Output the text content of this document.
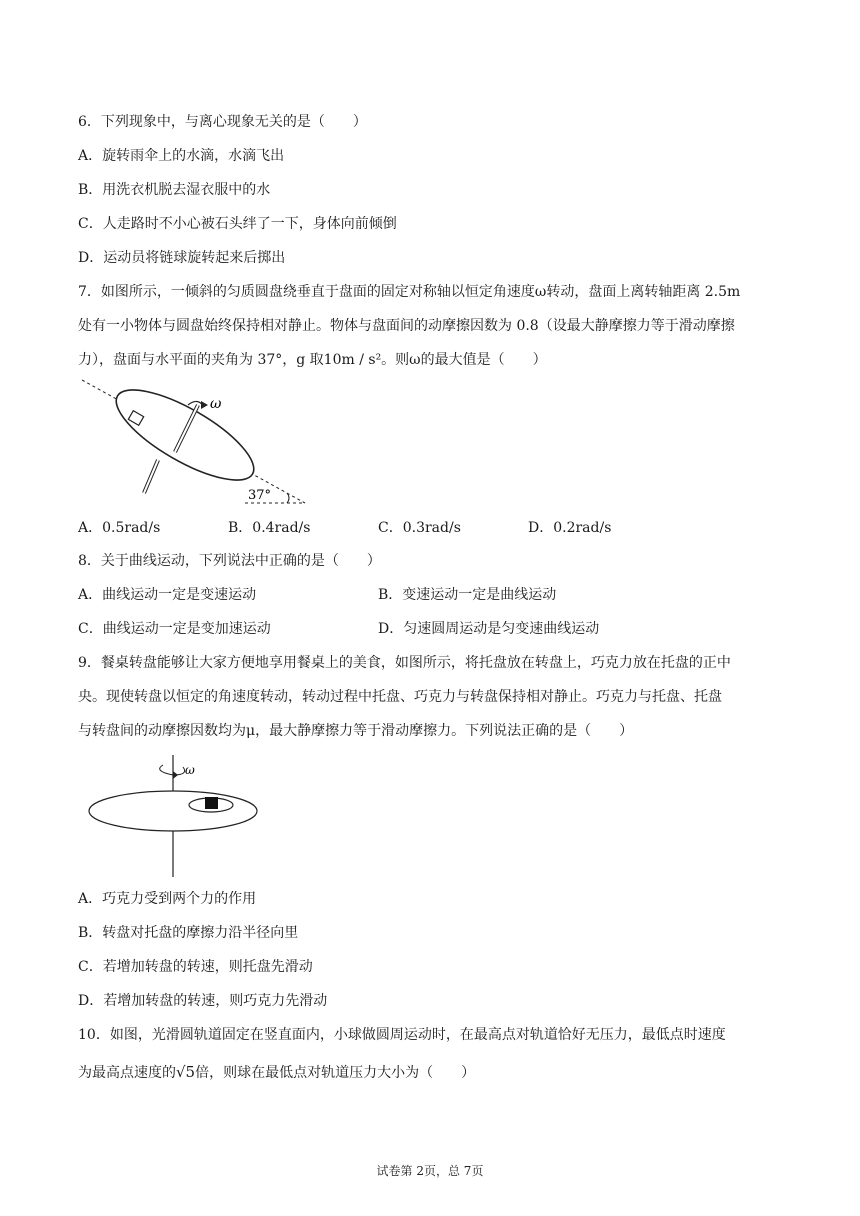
6．下列现象中，与离心现象无关的是（　　）
A．旋转雨伞上的水滴，水滴飞出
B．用洗衣机脱去湿衣服中的水
C．人走路时不小心被石头绊了一下，身体向前倾倒
D．运动员将链球旋转起来后掷出
7．如图所示，一倾斜的匀质圆盘绕垂直于盘面的固定对称轴以恒定角速度ω转动，盘面上离转轴距离 2.5m
处有一小物体与圆盘始终保持相对静止。物体与盘面间的动摩擦因数为 0.8（设最大静摩擦力等于滑动摩擦
力），盘面与水平面的夹角为 37°，g 取10m / s²。则ω的最大值是（　　）
ω
37°
A．0.5rad/s	B．0.4rad/s	C．0.3rad/s	D．0.2rad/s
8．关于曲线运动，下列说法中正确的是（　　）
A．曲线运动一定是变速运动	B．变速运动一定是曲线运动
C．曲线运动一定是变加速运动	D．匀速圆周运动是匀变速曲线运动
9．餐桌转盘能够让大家方便地享用餐桌上的美食，如图所示，将托盘放在转盘上，巧克力放在托盘的正中
央。现使转盘以恒定的角速度转动，转动过程中托盘、巧克力与转盘保持相对静止。巧克力与托盘、托盘
与转盘间的动摩擦因数均为μ，最大静摩擦力等于滑动摩擦力。下列说法正确的是（　　）
ω
A．巧克力受到两个力的作用
B．转盘对托盘的摩擦力沿半径向里
C．若增加转盘的转速，则托盘先滑动
D．若增加转盘的转速，则巧克力先滑动
10．如图，光滑圆轨道固定在竖直面内，小球做圆周运动时，在最高点对轨道恰好无压力，最低点时速度
为最高点速度的√5倍，则球在最低点对轨道压力大小为（　　）
试卷第 2页，总 7页
